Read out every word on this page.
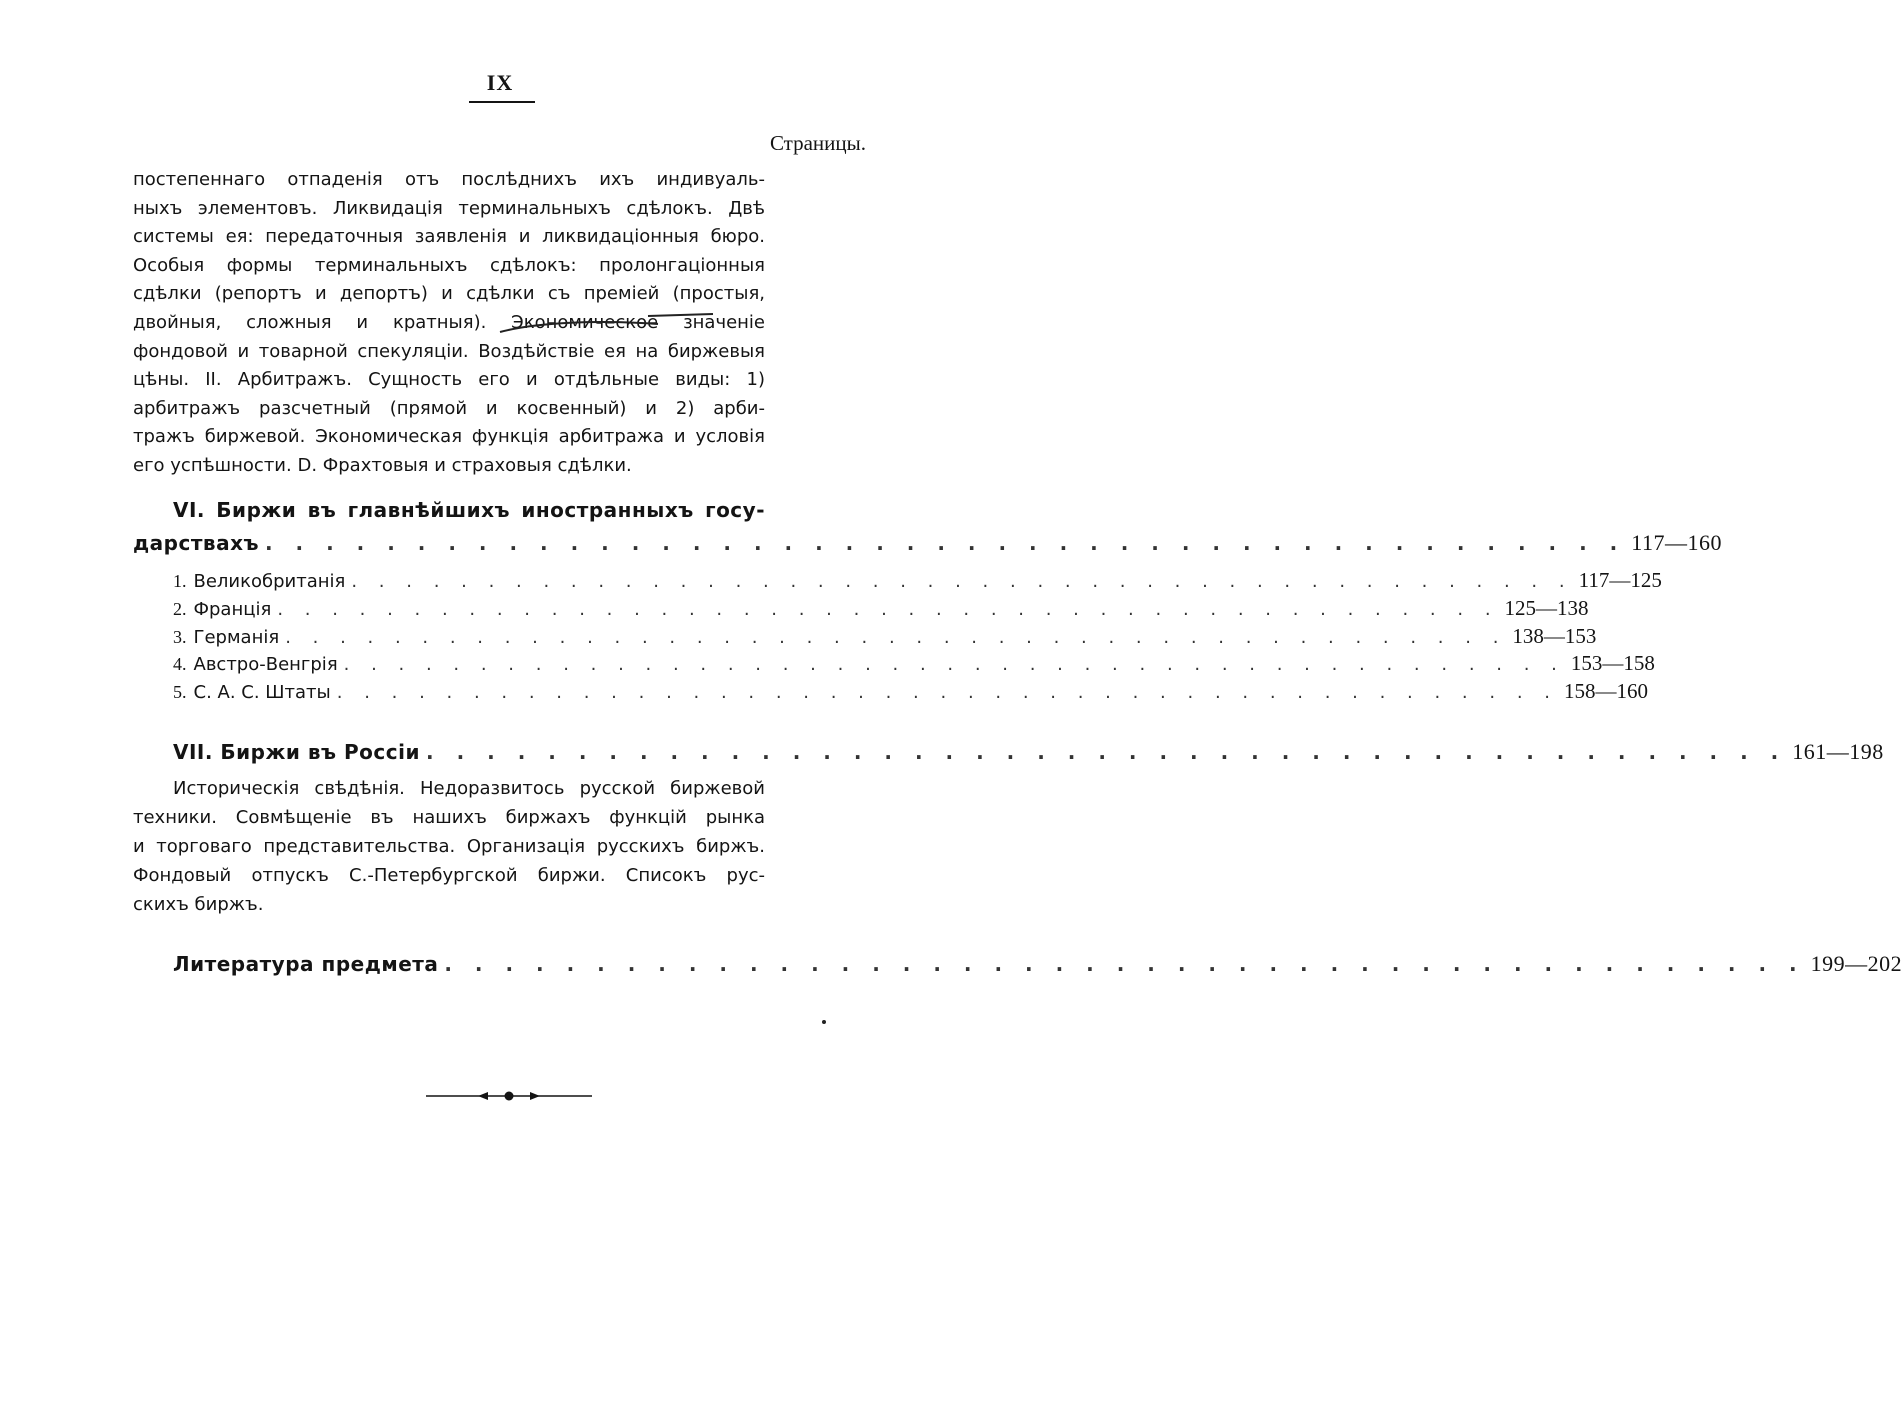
IX
Страницы.
постепеннаго отпаденія отъ послѣднихъ ихъ индивуаль-
ныхъ элементовъ. Ликвидація терминальныхъ сдѣлокъ. Двѣ
системы ея: передаточныя заявленія и ликвидаціонныя бюро.
Особыя формы терминальныхъ сдѣлокъ: пролонгаціонныя
сдѣлки (репортъ и депортъ) и сдѣлки съ преміей (простыя,
двойныя, сложныя и кратныя). Экономическое значеніе
фондовой и товарной спекуляціи. Воздѣйствіе ея на биржевыя
цѣны. II. Арбитражъ. Сущность его и отдѣльные виды: 1)
арбитражъ разсчетный (прямой и косвенный) и 2) арби-
тражъ биржевой. Экономическая функція арбитража и условія
его успѣшности. D. Фрахтовыя и страховыя сдѣлки.
VI. Биржи въ главнѣйшихъ иностранныхъ госу-
дарствахъ . . . . . . . . . . . . . . . . . . . . . . . . . . . . . . . . . . . . . . . . . . . . . 117—160
1. Великобританія . . . . . . . . . . . . . . . . . . . . . . . . . . . . . . . . . . . . . . . . . . . . . 117—125
2. Франція . . . . . . . . . . . . . . . . . . . . . . . . . . . . . . . . . . . . . . . . . . . . . 125—138
3. Германія . . . . . . . . . . . . . . . . . . . . . . . . . . . . . . . . . . . . . . . . . . . . . 138—153
4. Австро-Венгрія . . . . . . . . . . . . . . . . . . . . . . . . . . . . . . . . . . . . . . . . . . . . . 153—158
5. С. А. С. Штаты . . . . . . . . . . . . . . . . . . . . . . . . . . . . . . . . . . . . . . . . . . . . . 158—160
VII. Биржи въ Россіи . . . . . . . . . . . . . . . . . . . . . . . . . . . . . . . . . . . . . . . . . . . . . 161—198
Историческія свѣдѣнія. Недоразвитось русской биржевой
техники. Совмѣщеніе въ нашихъ биржахъ функцій рынка
и торговаго представительства. Организація русскихъ биржъ.
Фондовый отпускъ С.-Петербургской биржи. Списокъ рус-
скихъ биржъ.
Литература предмета . . . . . . . . . . . . . . . . . . . . . . . . . . . . . . . . . . . . . . . . . . . . . 199—202
